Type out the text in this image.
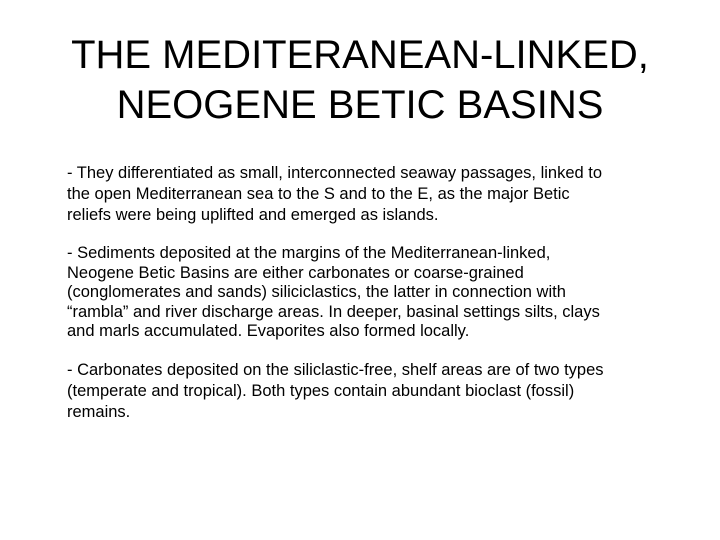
THE MEDITERANEAN-LINKED,
NEOGENE BETIC BASINS

- They differentiated as small, interconnected seaway passages, linked to
the open Mediterranean sea to the S and to the E, as the major Betic
reliefs were being uplifted and emerged as islands.

- Sediments deposited at the margins of the Mediterranean-linked,
Neogene Betic Basins are either carbonates or coarse-grained
(conglomerates and sands) siliciclastics, the latter in connection with
“rambla” and river discharge areas. In deeper, basinal settings silts, clays
and marls accumulated. Evaporites also formed locally.

- Carbonates deposited on the siliclastic-free, shelf areas are of two types
(temperate and tropical). Both types contain abundant bioclast (fossil)
remains.
